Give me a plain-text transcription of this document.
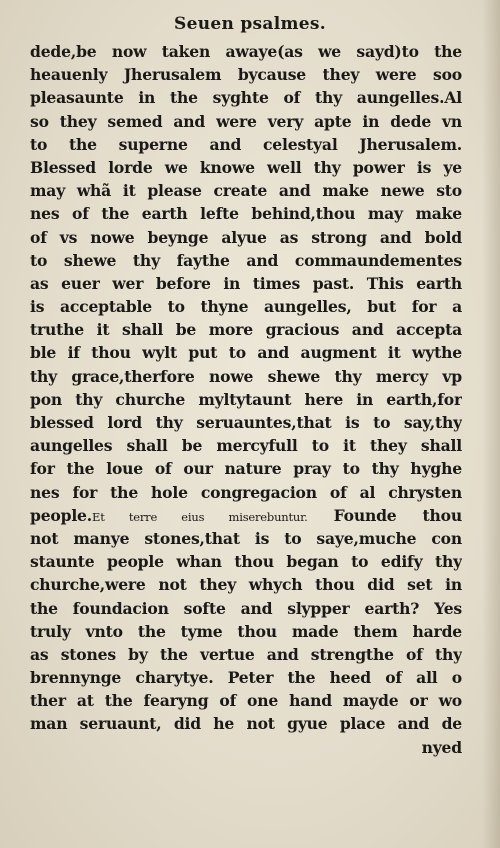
Seuen psalmes.
dede,be now taken awaye(as we sayd)to the
heauenly Jherusalem bycause they were soo
pleasaunte in the syghte of thy aungelles.Al
so they semed and were very apte in dede vn
to the superne and celestyal Jherusalem.
Blessed lorde we knowe well thy power is ye
may whã it please create and make newe sto
nes of the earth lefte behind,thou may make
of vs nowe beynge alyue as strong and bold
to shewe thy faythe and commaundementes
as euer wer before in times past. This earth
is acceptable to thyne aungelles, but for a
truthe it shall be more gracious and accepta
ble if thou wylt put to and augment it wythe
thy grace,therfore nowe shewe thy mercy vp
pon thy churche myltytaunt here in earth,for
blessed lord thy seruauntes,that is to say,thy
aungelles shall be mercyfull to it they shall
for the loue of our nature pray to thy hyghe
nes for the hole congregacion of al chrysten
people.Et terre eius miserebuntur. Founde thou
not manye stones,that is to saye,muche con
staunte people whan thou began to edify thy
churche,were not they whych thou did set in
the foundacion softe and slypper earth? Yes
truly vnto the tyme thou made them harde
as stones by the vertue and strengthe of thy
brennynge charytye. Peter the heed of all o
ther at the fearyng of one hand mayde or wo
man seruaunt, did he not gyue place and de
nyed
